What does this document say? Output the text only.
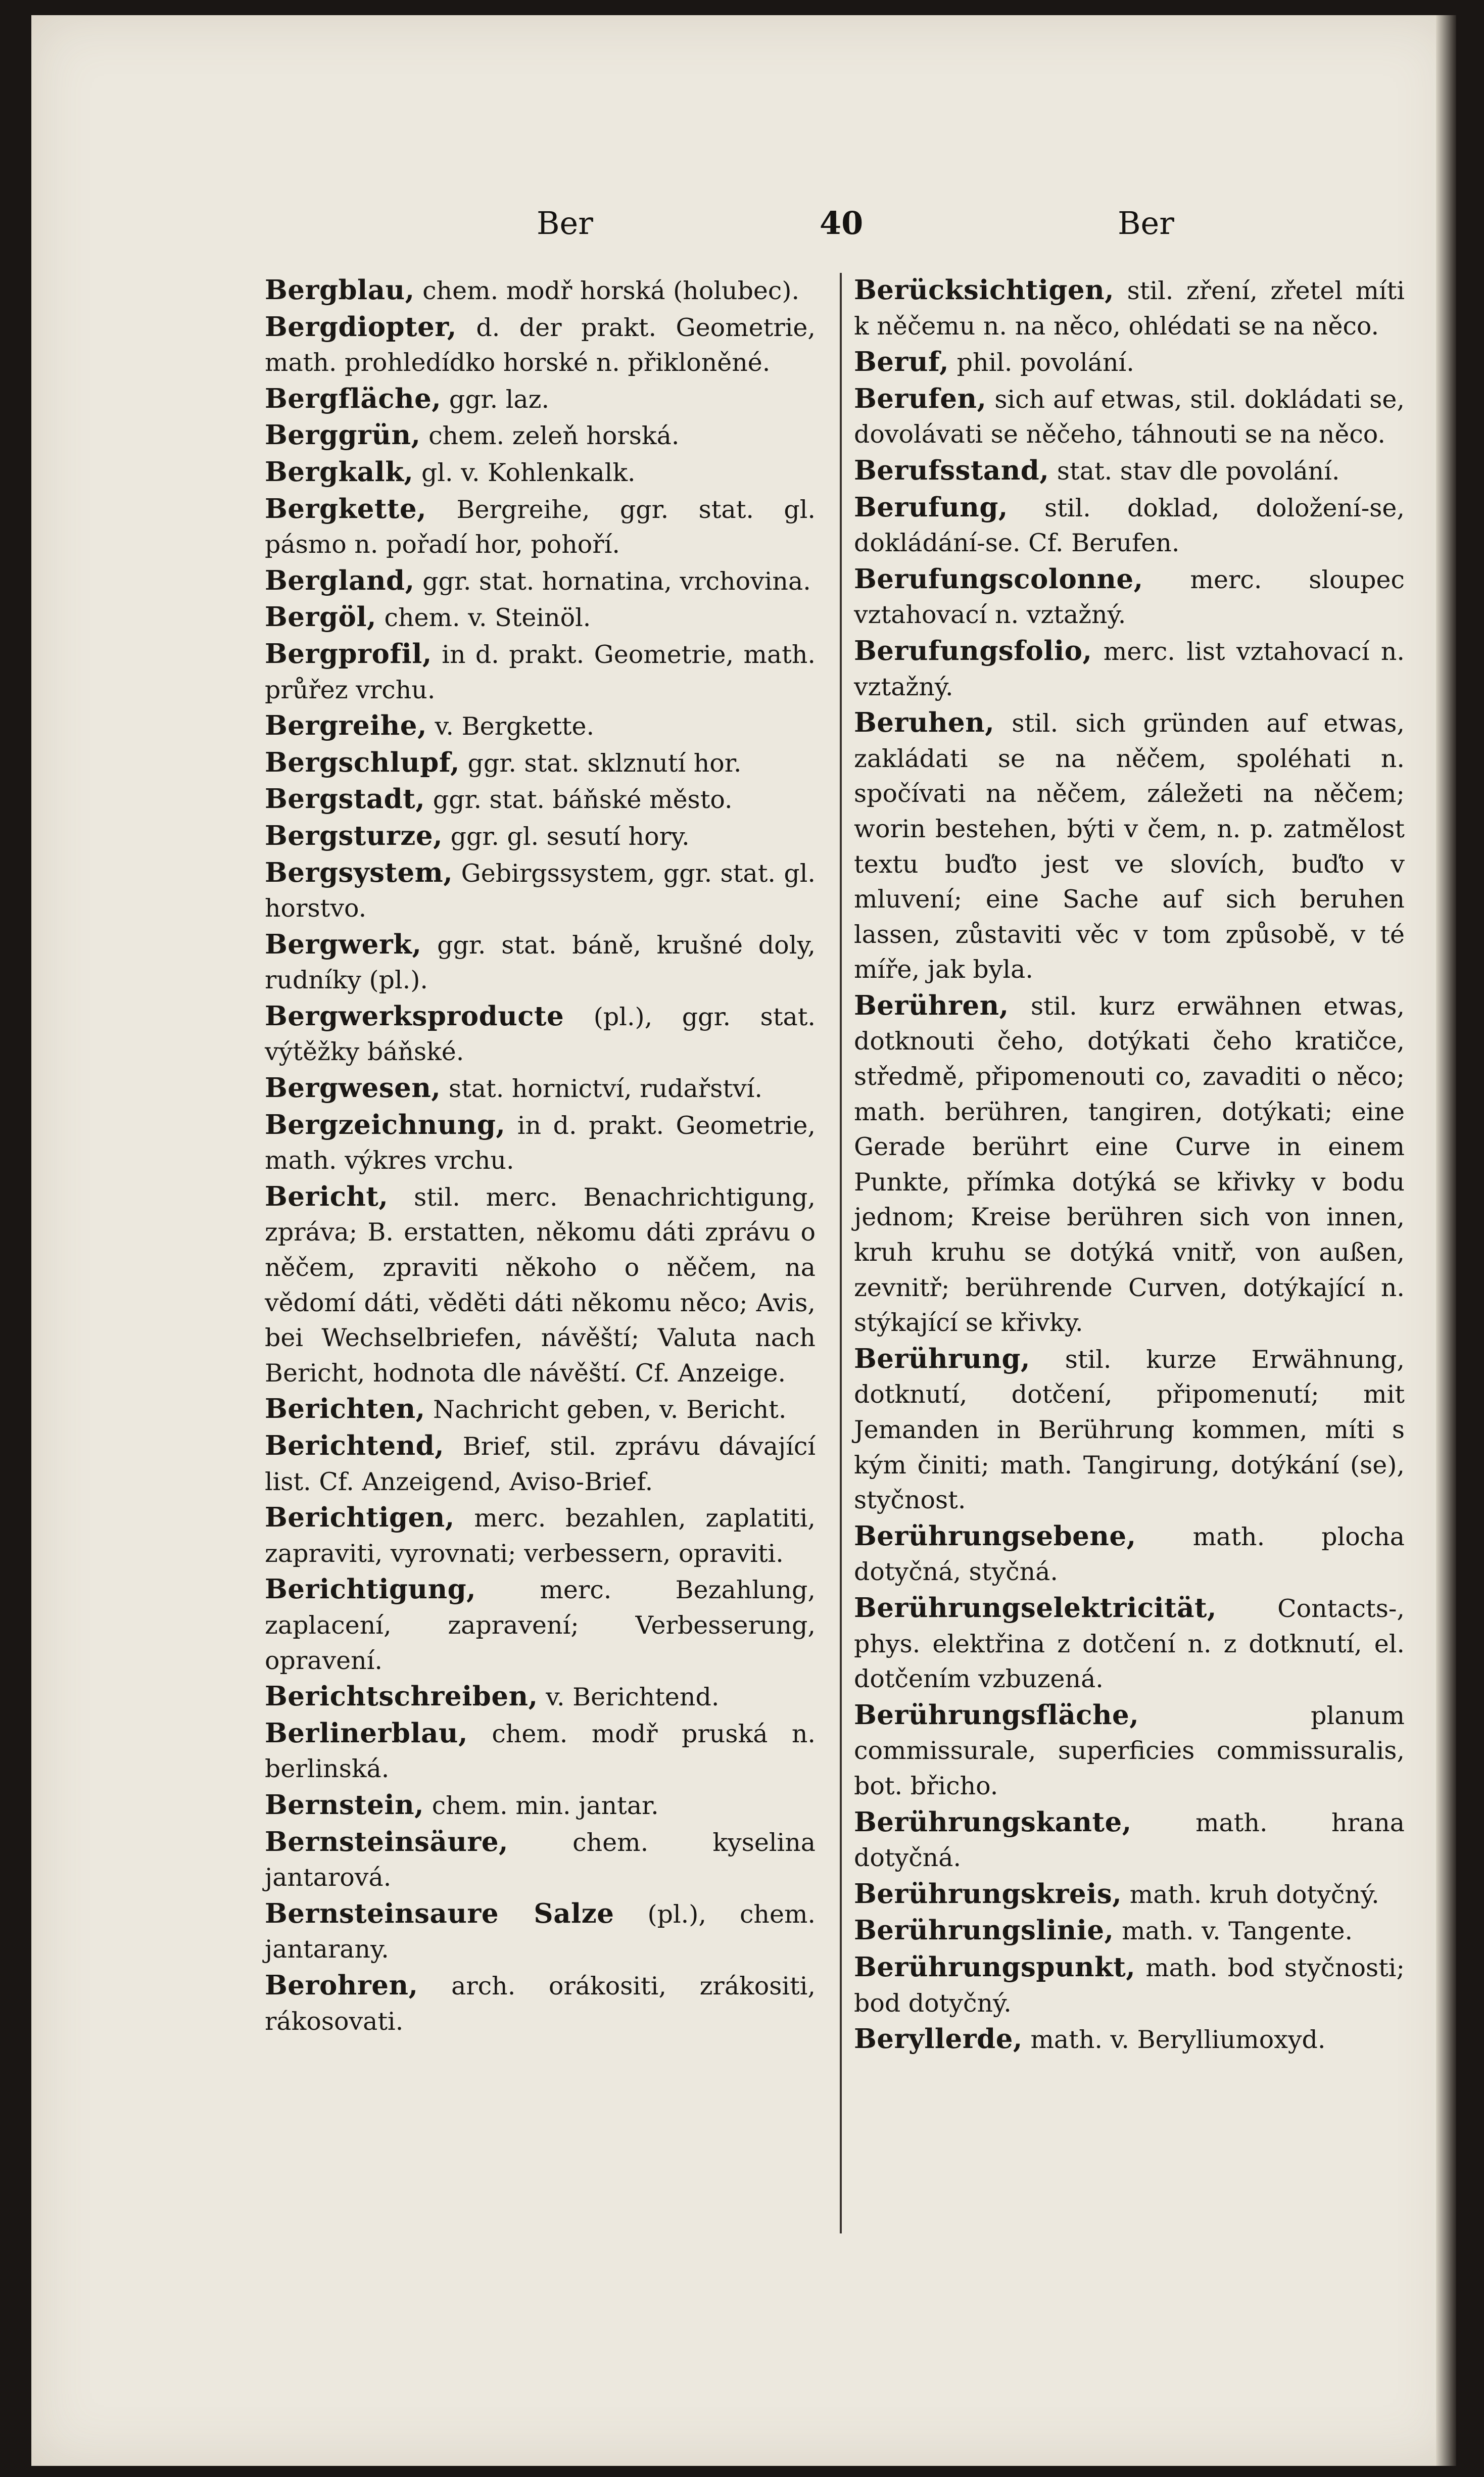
Ber	40	Ber

Bergblau, chem. modř horská (holubec).

Bergdiopter, d. der prakt. Geometrie, math. prohledídko horské n. přikloněné.

Bergfläche, ggr. laz.

Berggrün, chem. zeleň horská.

Bergkalk, gl. v. Kohlenkalk.

Bergkette, Bergreihe, ggr. stat. gl. pásmo n. pořadí hor, pohoří.

Bergland, ggr. stat. hornatina, vrchovina.

Bergöl, chem. v. Steinöl.

Bergprofil, in d. prakt. Geometrie, math. průřez vrchu.

Bergreihe, v. Bergkette.

Bergschlupf, ggr. stat. sklznutí hor.

Bergstadt, ggr. stat. báňské město.

Bergsturze, ggr. gl. sesutí hory.

Bergsystem, Gebirgssystem, ggr. stat. gl. horstvo.

Bergwerk, ggr. stat. báně, krušné doly, rudníky (pl.).

Bergwerksproducte (pl.), ggr. stat. výtěžky báňské.

Bergwesen, stat. hornictví, rudařství.

Bergzeichnung, in d. prakt. Geometrie, math. výkres vrchu.

Bericht, stil. merc. Benachrichtigung, zpráva; B. erstatten, někomu dáti zprávu o něčem, zpraviti někoho o něčem, na vědomí dáti, věděti dáti někomu něco; Avis, bei Wechselbriefen, návěští; Valuta nach Bericht, hodnota dle návěští. Cf. Anzeige.

Berichten, Nachricht geben, v. Bericht.

Berichtend, Brief, stil. zprávu dávající list. Cf. Anzeigend, Aviso-Brief.

Berichtigen, merc. bezahlen, zaplatiti, zapraviti, vyrovnati; verbessern, opraviti.

Berichtigung, merc. Bezahlung, zaplacení, zapravení; Verbesserung, opravení.

Berichtschreiben, v. Berichtend.

Berlinerblau, chem. modř pruská n. berlinská.

Bernstein, chem. min. jantar.

Bernsteinsäure, chem. kyselina jantarová.

Bernsteinsaure Salze (pl.), chem. jantarany.

Berohren, arch. orákositi, zrákositi, rákosovati.

Berücksichtigen, stil. zření, zřetel míti k něčemu n. na něco, ohlédati se na něco.

Beruf, phil. povolání.

Berufen, sich auf etwas, stil. dokládati se, dovolávati se něčeho, táhnouti se na něco.

Berufsstand, stat. stav dle povolání.

Berufung, stil. doklad, doložení-se, dokládání-se. Cf. Berufen.

Berufungscolonne, merc. sloupec vztahovací n. vztažný.

Berufungsfolio, merc. list vztahovací n. vztažný.

Beruhen, stil. sich gründen auf etwas, zakládati se na něčem, spoléhati n. spočívati na něčem, záležeti na něčem; worin bestehen, býti v čem, n. p. zatmělost textu buďto jest ve slovích, buďto v mluvení; eine Sache auf sich beruhen lassen, zůstaviti věc v tom způsobě, v té míře, jak byla.

Berühren, stil. kurz erwähnen etwas, dotknouti čeho, dotýkati čeho kratičce, středmě, připomenouti co, zavaditi o něco; math. berühren, tangiren, dotýkati; eine Gerade berührt eine Curve in einem Punkte, přímka dotýká se křivky v bodu jednom; Kreise berühren sich von innen, kruh kruhu se dotýká vnitř, von außen, zevnitř; berührende Curven, dotýkající n. stýkající se křivky.

Berührung, stil. kurze Erwähnung, dotknutí, dotčení, připomenutí; mit Jemanden in Berührung kommen, míti s kým činiti; math. Tangirung, dotýkání (se), styčnost.

Berührungsebene, math. plocha dotyčná, styčná.

Berührungselektricität, Contacts-, phys. elektřina z dotčení n. z dotknutí, el. dotčením vzbuzená.

Berührungsfläche, planum commissurale, superficies commissuralis, bot. břicho.

Berührungskante, math. hrana dotyčná.

Berührungskreis, math. kruh dotyčný.

Berührungslinie, math. v. Tangente.

Berührungspunkt, math. bod styčnosti; bod dotyčný.

Beryllerde, math. v. Berylliumoxyd.
